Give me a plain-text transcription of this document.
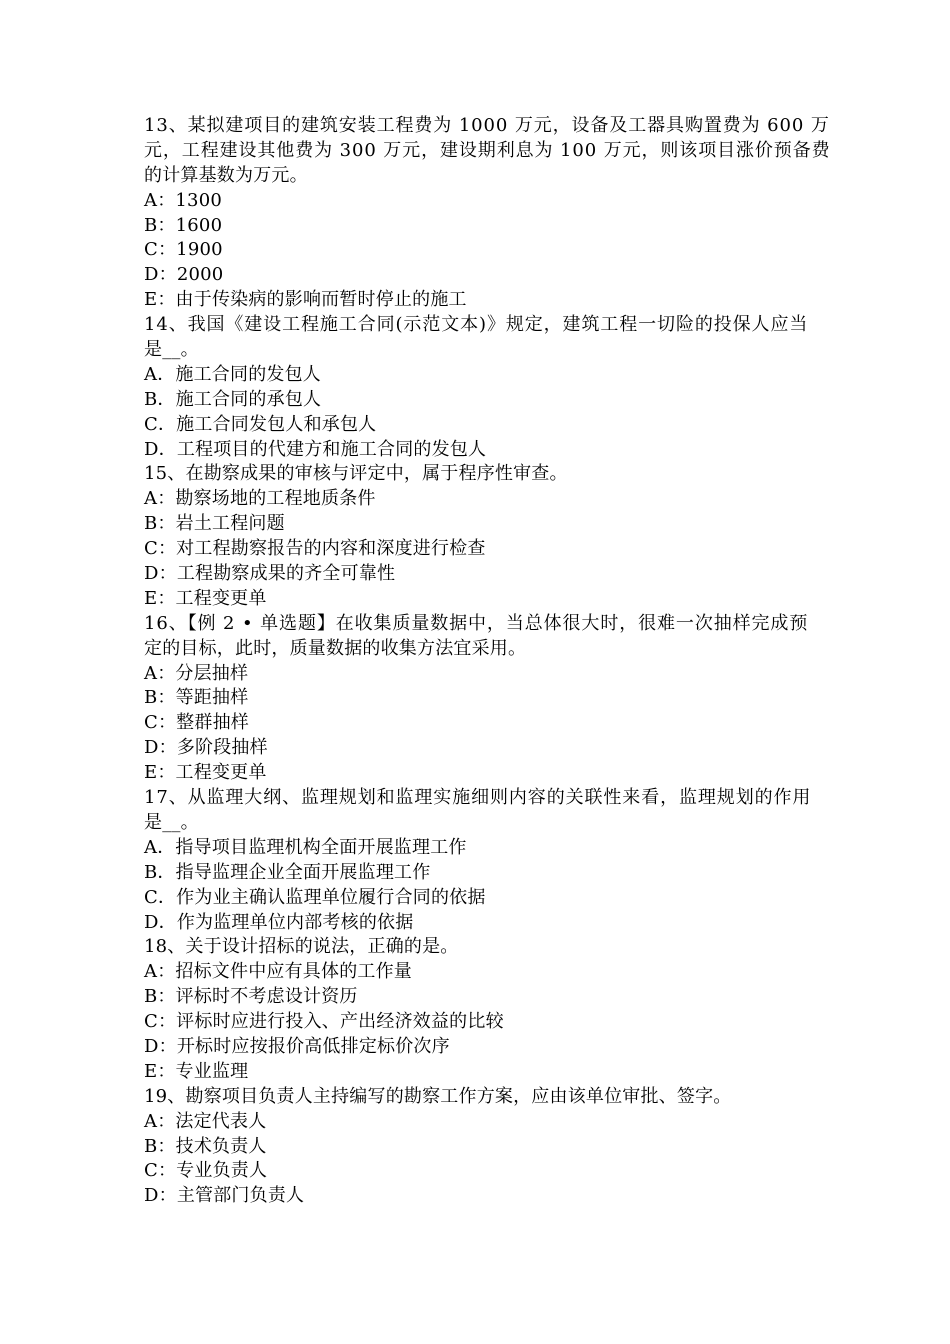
13、某拟建项目的建筑安装工程费为 1000 万元，设备及工器具购置费为 600 万
元，工程建设其他费为 300 万元，建设期利息为 100 万元，则该项目涨价预备费
的计算基数为万元。
A：1300
B：1600
C：1900
D：2000
E：由于传染病的影响而暂时停止的施工
14、我国《建设工程施工合同(示范文本)》规定，建筑工程一切险的投保人应当
是__。
A．施工合同的发包人
B．施工合同的承包人
C．施工合同发包人和承包人
D．工程项目的代建方和施工合同的发包人
15、在勘察成果的审核与评定中，属于程序性审查。
A：勘察场地的工程地质条件
B：岩土工程问题
C：对工程勘察报告的内容和深度进行检查
D：工程勘察成果的齐全可靠性
E：工程变更单
16、【例 2 • 单选题】在收集质量数据中，当总体很大时，很难一次抽样完成预
定的目标，此时，质量数据的收集方法宜采用。
A：分层抽样
B：等距抽样
C：整群抽样
D：多阶段抽样
E：工程变更单
17、从监理大纲、监理规划和监理实施细则内容的关联性来看，监理规划的作用
是__。
A．指导项目监理机构全面开展监理工作
B．指导监理企业全面开展监理工作
C．作为业主确认监理单位履行合同的依据
D．作为监理单位内部考核的依据
18、关于设计招标的说法，正确的是。
A：招标文件中应有具体的工作量
B：评标时不考虑设计资历
C：评标时应进行投入、产出经济效益的比较
D：开标时应按报价高低排定标价次序
E：专业监理
19、勘察项目负责人主持编写的勘察工作方案，应由该单位审批、签字。
A：法定代表人
B：技术负责人
C：专业负责人
D：主管部门负责人
